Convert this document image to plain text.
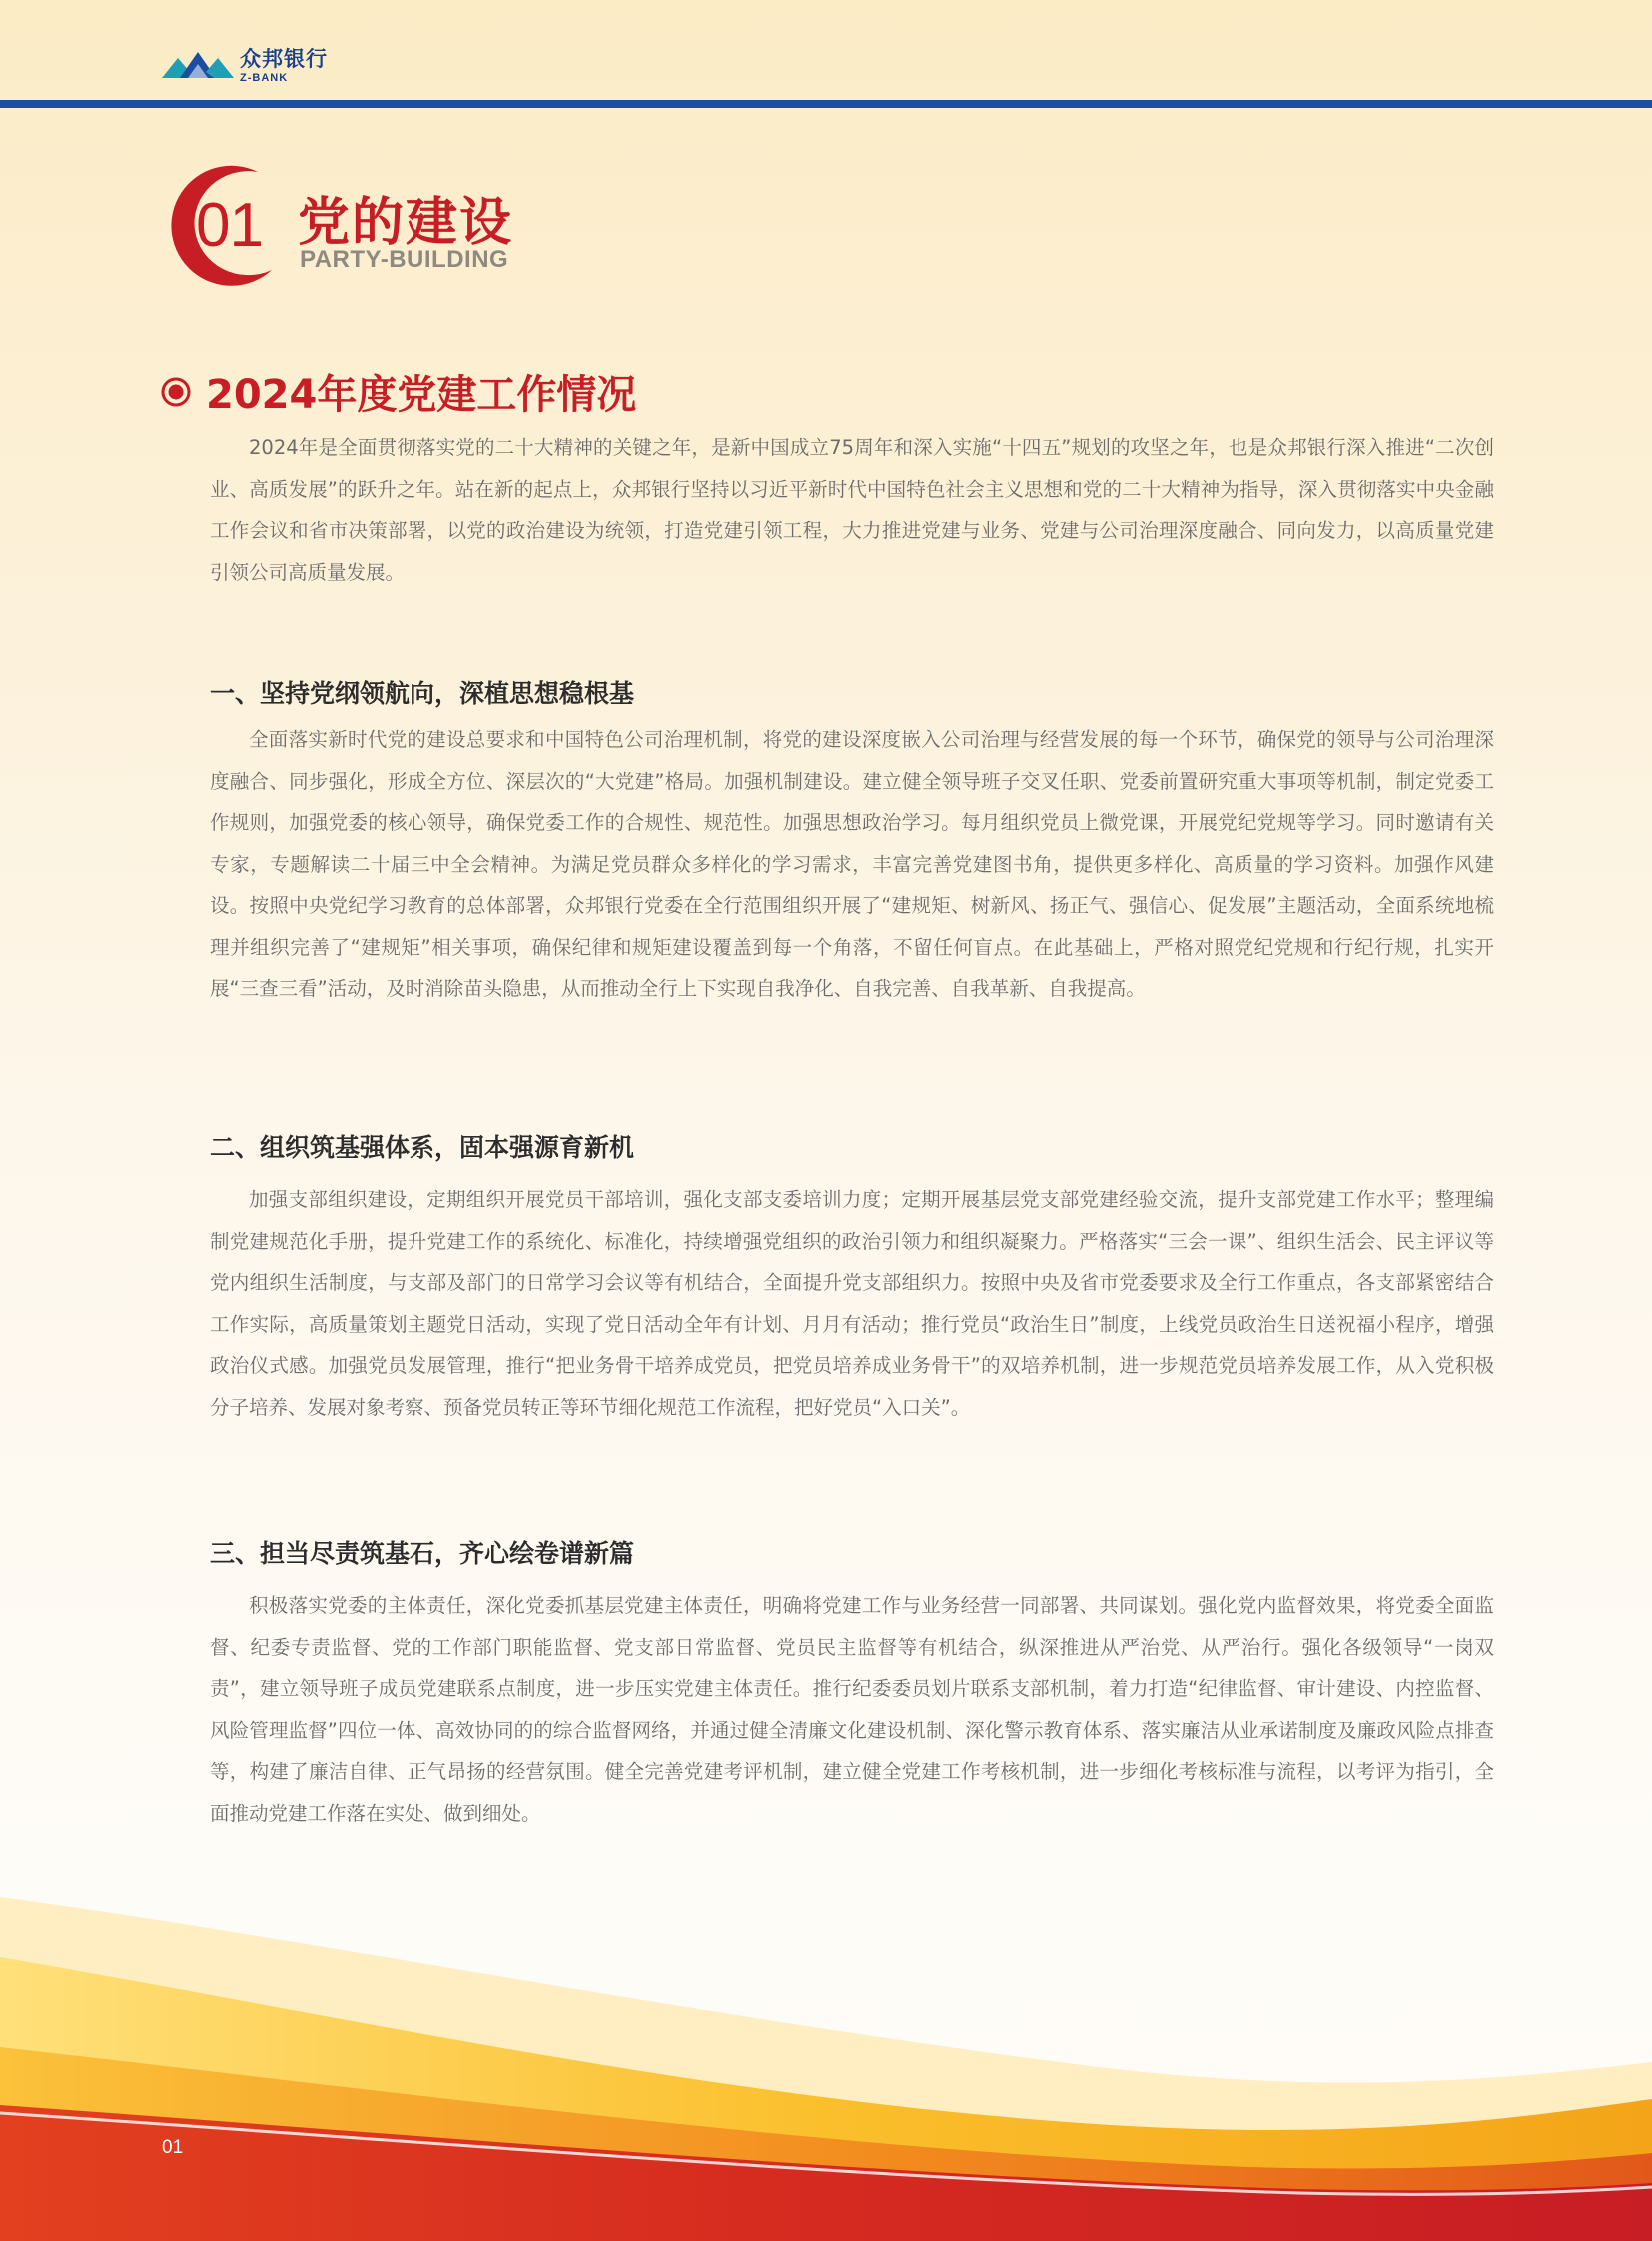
众邦银行
Z-BANK
01 党的建设
PARTY-BUILDING
2024年度党建工作情况

2024年是全面贯彻落实党的二十大精神的关键之年，是新中国成立75周年和深入实施“十四五”规划的攻坚之年，也是众邦银行深入推进“二次创业、高质发展”的跃升之年。站在新的起点上，众邦银行坚持以习近平新时代中国特色社会主义思想和党的二十大精神为指导，深入贯彻落实中央金融工作会议和省市决策部署，以党的政治建设为统领，打造党建引领工程，大力推进党建与业务、党建与公司治理深度融合、同向发力，以高质量党建引领公司高质量发展。

一、坚持党纲领航向，深植思想稳根基

全面落实新时代党的建设总要求和中国特色公司治理机制，将党的建设深度嵌入公司治理与经营发展的每一个环节，确保党的领导与公司治理深度融合、同步强化，形成全方位、深层次的“大党建”格局。加强机制建设。建立健全领导班子交叉任职、党委前置研究重大事项等机制，制定党委工作规则，加强党委的核心领导，确保党委工作的合规性、规范性。加强思想政治学习。每月组织党员上微党课，开展党纪党规等学习。同时邀请有关专家，专题解读二十届三中全会精神。为满足党员群众多样化的学习需求，丰富完善党建图书角，提供更多样化、高质量的学习资料。加强作风建设。按照中央党纪学习教育的总体部署，众邦银行党委在全行范围组织开展了“建规矩、树新风、扬正气、强信心、促发展”主题活动，全面系统地梳理并组织完善了“建规矩”相关事项，确保纪律和规矩建设覆盖到每一个角落，不留任何盲点。在此基础上，严格对照党纪党规和行纪行规，扎实开展“三查三看”活动，及时消除苗头隐患，从而推动全行上下实现自我净化、自我完善、自我革新、自我提高。

二、组织筑基强体系，固本强源育新机

加强支部组织建设，定期组织开展党员干部培训，强化支部支委培训力度；定期开展基层党支部党建经验交流，提升支部党建工作水平；整理编制党建规范化手册，提升党建工作的系统化、标准化，持续增强党组织的政治引领力和组织凝聚力。严格落实“三会一课”、组织生活会、民主评议等党内组织生活制度，与支部及部门的日常学习会议等有机结合，全面提升党支部组织力。按照中央及省市党委要求及全行工作重点，各支部紧密结合工作实际，高质量策划主题党日活动，实现了党日活动全年有计划、月月有活动；推行党员“政治生日”制度，上线党员政治生日送祝福小程序，增强政治仪式感。加强党员发展管理，推行“把业务骨干培养成党员，把党员培养成业务骨干”的双培养机制，进一步规范党员培养发展工作，从入党积极分子培养、发展对象考察、预备党员转正等环节细化规范工作流程，把好党员“入口关”。

三、担当尽责筑基石，齐心绘卷谱新篇

积极落实党委的主体责任，深化党委抓基层党建主体责任，明确将党建工作与业务经营一同部署、共同谋划。强化党内监督效果，将党委全面监督、纪委专责监督、党的工作部门职能监督、党支部日常监督、党员民主监督等有机结合，纵深推进从严治党、从严治行。强化各级领导“一岗双责”，建立领导班子成员党建联系点制度，进一步压实党建主体责任。推行纪委委员划片联系支部机制，着力打造“纪律监督、审计建设、内控监督、风险管理监督”四位一体、高效协同的的综合监督网络，并通过健全清廉文化建设机制、深化警示教育体系、落实廉洁从业承诺制度及廉政风险点排查等，构建了廉洁自律、正气昂扬的经营氛围。健全完善党建考评机制，建立健全党建工作考核机制，进一步细化考核标准与流程，以考评为指引，全面推动党建工作落在实处、做到细处。

01
